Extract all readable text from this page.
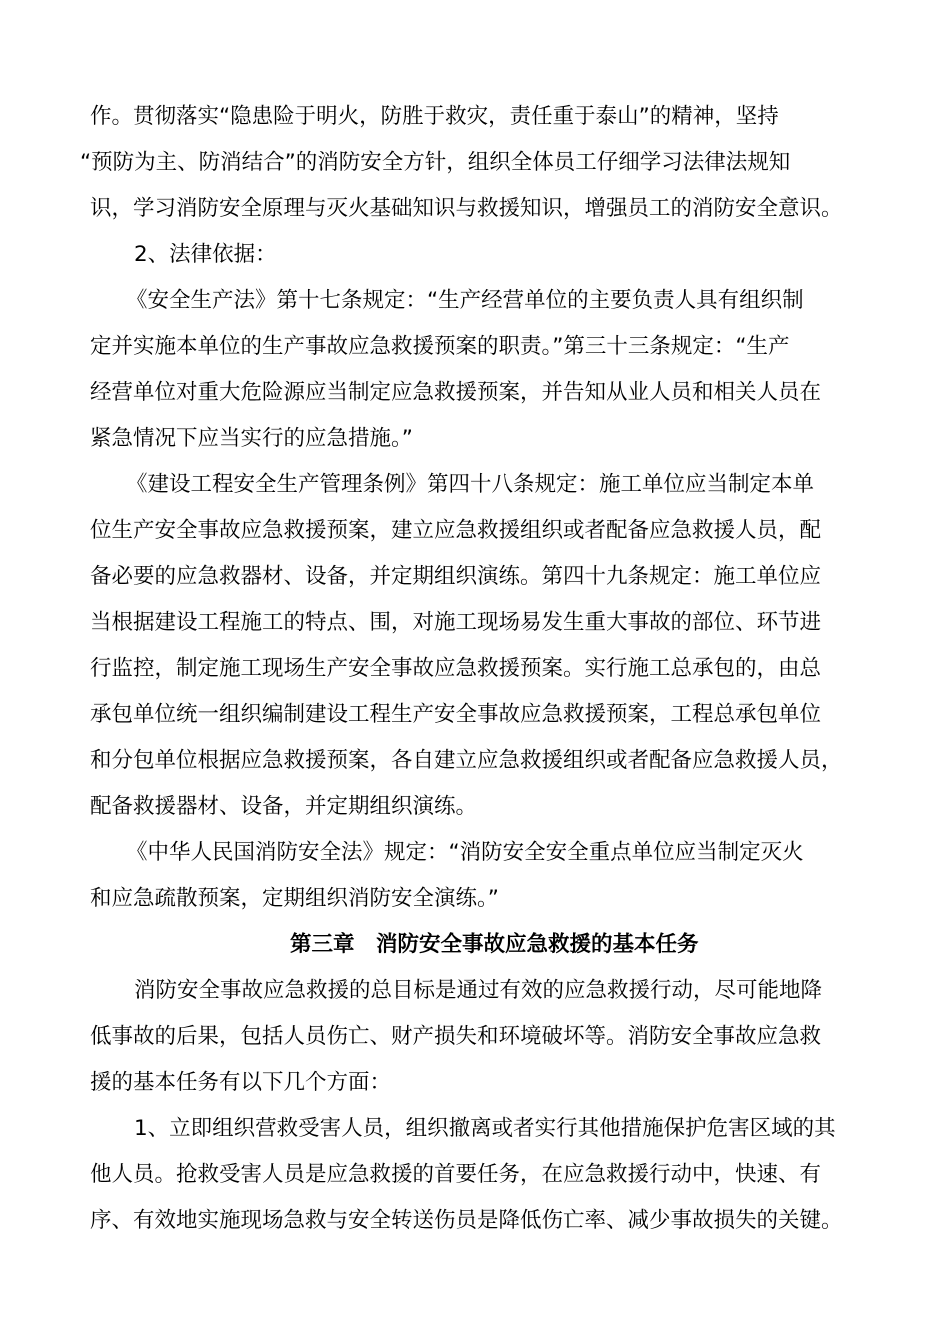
作。贯彻落实“隐患险于明火，防胜于救灾，责任重于泰山”的精神，坚持
“预防为主、防消结合”的消防安全方针，组织全体员工仔细学习法律法规知
识，学习消防安全原理与灭火基础知识与救援知识，增强员工的消防安全意识。
2、法律依据：
《安全生产法》第十七条规定：“生产经营单位的主要负责人具有组织制
定并实施本单位的生产事故应急救援预案的职责。”第三十三条规定：“生产
经营单位对重大危险源应当制定应急救援预案，并告知从业人员和相关人员在
紧急情况下应当实行的应急措施。”
《建设工程安全生产管理条例》第四十八条规定：施工单位应当制定本单
位生产安全事故应急救援预案，建立应急救援组织或者配备应急救援人员，配
备必要的应急救器材、设备，并定期组织演练。第四十九条规定：施工单位应
当根据建设工程施工的特点、围，对施工现场易发生重大事故的部位、环节进
行监控，制定施工现场生产安全事故应急救援预案。实行施工总承包的，由总
承包单位统一组织编制建设工程生产安全事故应急救援预案，工程总承包单位
和分包单位根据应急救援预案，各自建立应急救援组织或者配备应急救援人员，
配备救援器材、设备，并定期组织演练。
《中华人民国消防安全法》规定：“消防安全安全重点单位应当制定灭火
和应急疏散预案，定期组织消防安全演练。”
第三章　消防安全事故应急救援的基本任务
消防安全事故应急救援的总目标是通过有效的应急救援行动，尽可能地降
低事故的后果，包括人员伤亡、财产损失和环境破坏等。消防安全事故应急救
援的基本任务有以下几个方面：
1、立即组织营救受害人员，组织撤离或者实行其他措施保护危害区域的其
他人员。抢救受害人员是应急救援的首要任务，在应急救援行动中，快速、有
序、有效地实施现场急救与安全转送伤员是降低伤亡率、减少事故损失的关键。
